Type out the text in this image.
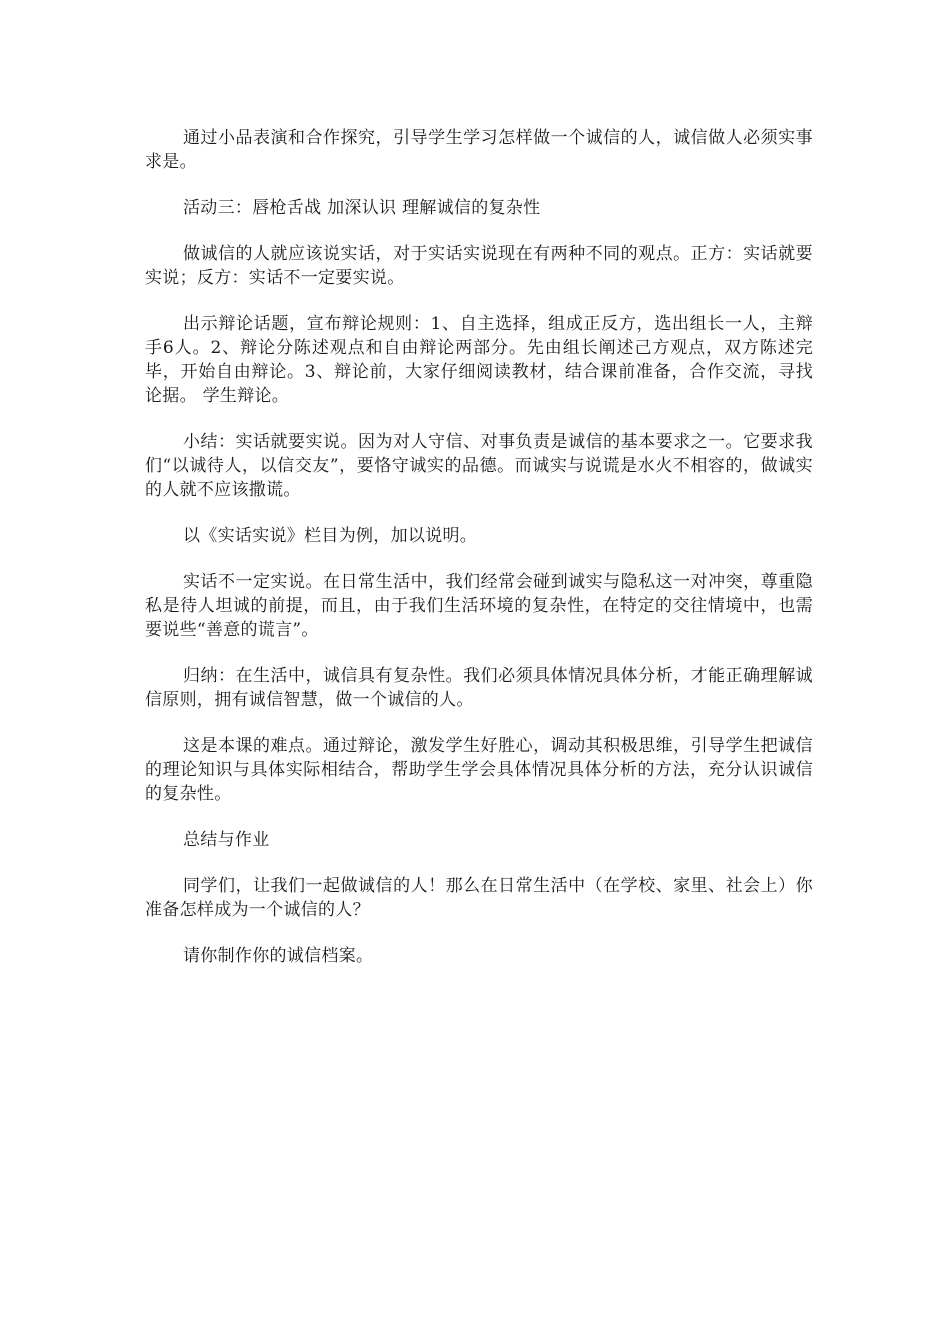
通过小品表演和合作探究，引导学生学习怎样做一个诚信的人，诚信做人必须实事求是。

活动三：唇枪舌战 加深认识 理解诚信的复杂性

做诚信的人就应该说实话，对于实话实说现在有两种不同的观点。正方：实话就要实说；反方：实话不一定要实说。

出示辩论话题，宣布辩论规则：1、自主选择，组成正反方，选出组长一人，主辩手6人。2、辩论分陈述观点和自由辩论两部分。先由组长阐述己方观点，双方陈述完毕，开始自由辩论。3、辩论前，大家仔细阅读教材，结合课前准备，合作交流，寻找论据。 学生辩论。

小结：实话就要实说。因为对人守信、对事负责是诚信的基本要求之一。它要求我们“以诚待人，以信交友”，要恪守诚实的品德。而诚实与说谎是水火不相容的，做诚实的人就不应该撒谎。

以《实话实说》栏目为例，加以说明。

实话不一定实说。在日常生活中，我们经常会碰到诚实与隐私这一对冲突，尊重隐私是待人坦诚的前提，而且，由于我们生活环境的复杂性，在特定的交往情境中，也需要说些“善意的谎言”。

归纳：在生活中，诚信具有复杂性。我们必须具体情况具体分析，才能正确理解诚信原则，拥有诚信智慧，做一个诚信的人。

这是本课的难点。通过辩论，激发学生好胜心，调动其积极思维，引导学生把诚信的理论知识与具体实际相结合，帮助学生学会具体情况具体分析的方法，充分认识诚信的复杂性。

总结与作业

同学们，让我们一起做诚信的人！那么在日常生活中（在学校、家里、社会上）你准备怎样成为一个诚信的人？

请你制作你的诚信档案。
